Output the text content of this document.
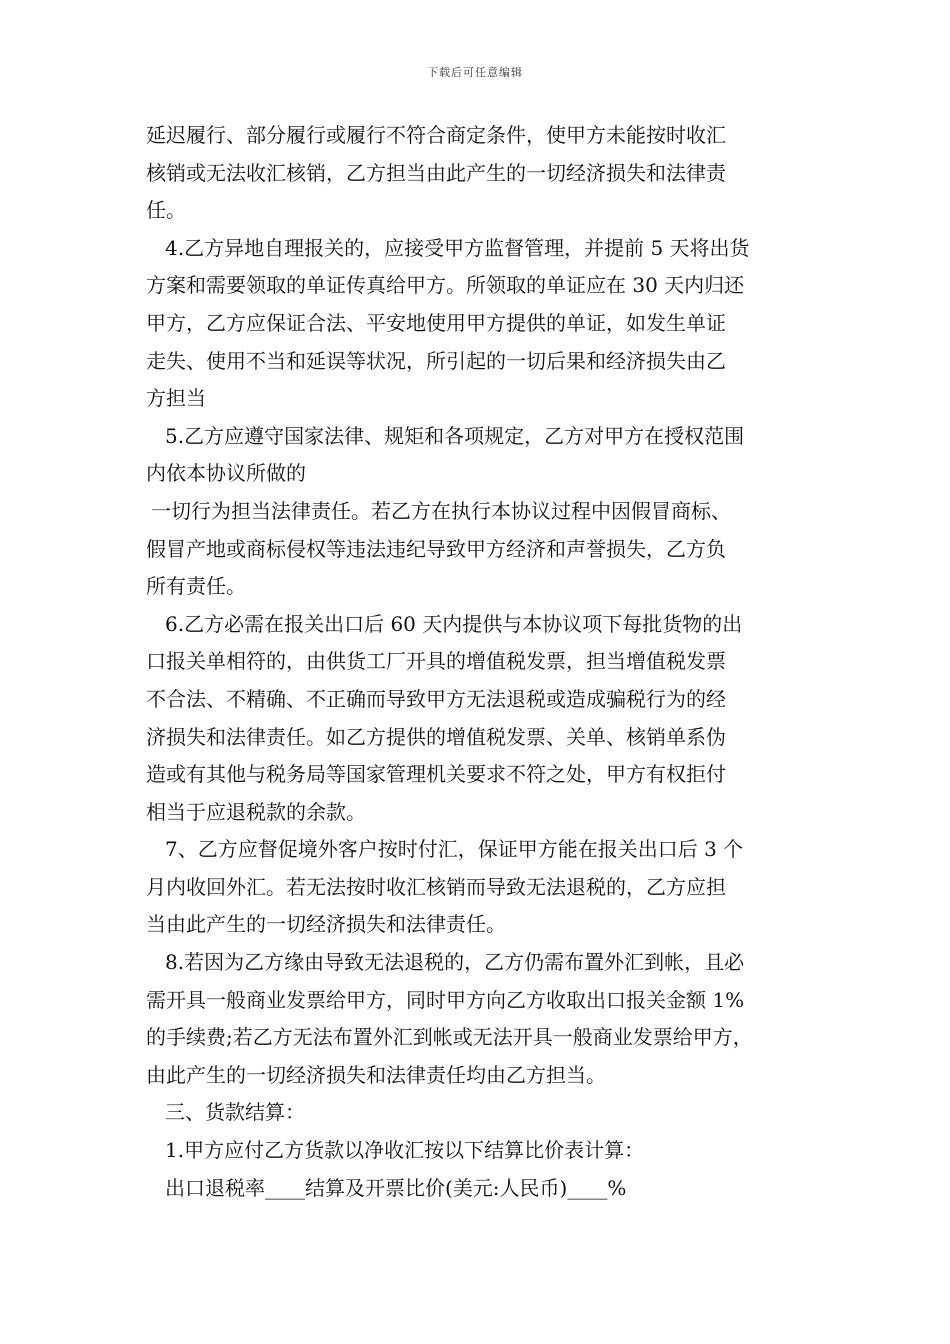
下载后可任意编辑
延迟履行、部分履行或履行不符合商定条件，使甲方未能按时收汇
核销或无法收汇核销，乙方担当由此产生的一切经济损失和法律责
任。
4.乙方异地自理报关的，应接受甲方监督管理，并提前 5 天将出货
方案和需要领取的单证传真给甲方。所领取的单证应在 30 天内归还
甲方，乙方应保证合法、平安地使用甲方提供的单证，如发生单证
走失、使用不当和延误等状况，所引起的一切后果和经济损失由乙
方担当
5.乙方应遵守国家法律、规矩和各项规定，乙方对甲方在授权范围
内依本协议所做的
一切行为担当法律责任。若乙方在执行本协议过程中因假冒商标、
假冒产地或商标侵权等违法违纪导致甲方经济和声誉损失，乙方负
所有责任。
6.乙方必需在报关出口后 60 天内提供与本协议项下每批货物的出
口报关单相符的，由供货工厂开具的增值税发票，担当增值税发票
不合法、不精确、不正确而导致甲方无法退税或造成骗税行为的经
济损失和法律责任。如乙方提供的增值税发票、关单、核销单系伪
造或有其他与税务局等国家管理机关要求不符之处，甲方有权拒付
相当于应退税款的余款。
7、乙方应督促境外客户按时付汇，保证甲方能在报关出口后 3 个
月内收回外汇。若无法按时收汇核销而导致无法退税的，乙方应担
当由此产生的一切经济损失和法律责任。
8.若因为乙方缘由导致无法退税的，乙方仍需布置外汇到帐，且必
需开具一般商业发票给甲方，同时甲方向乙方收取出口报关金额 1%
的手续费;若乙方无法布置外汇到帐或无法开具一般商业发票给甲方，
由此产生的一切经济损失和法律责任均由乙方担当。
三、货款结算：
1.甲方应付乙方货款以净收汇按以下结算比价表计算：
出口退税率____结算及开票比价(美元:人民币)____%
